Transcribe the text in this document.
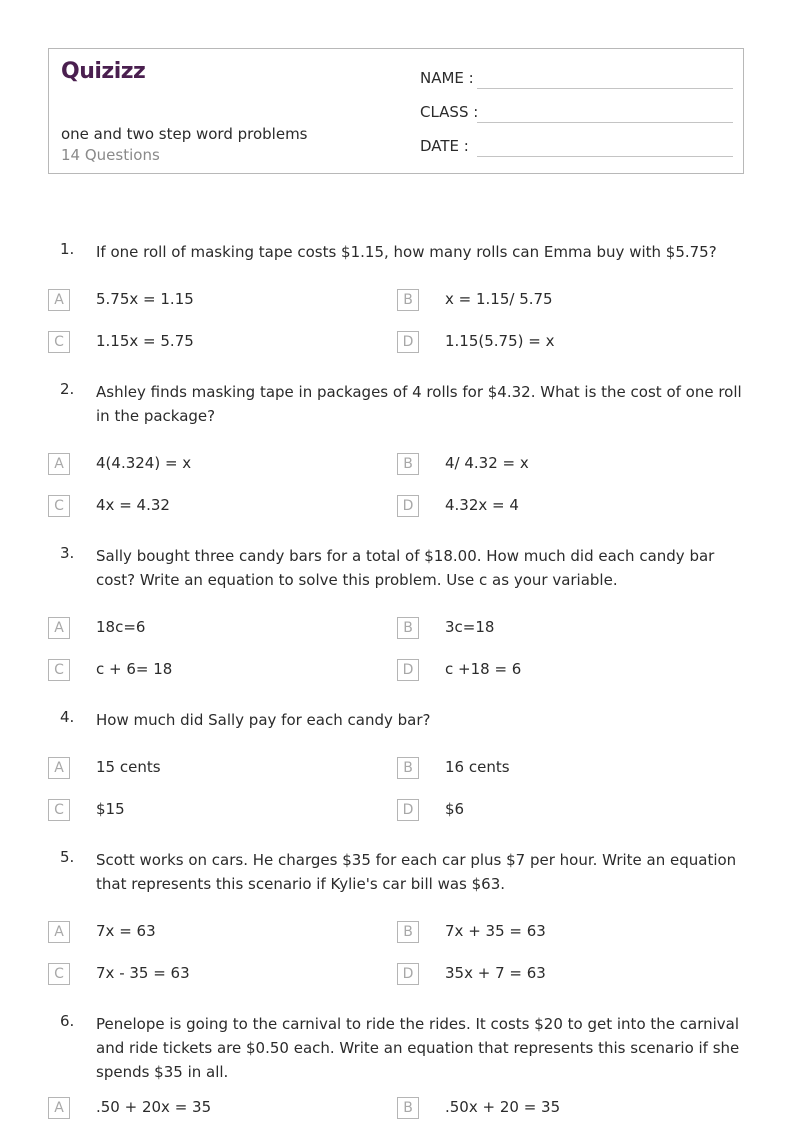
Quizizz
one and two step word problems
14 Questions
NAME :
CLASS :
DATE :
1. If one roll of masking tape costs $1.15, how many rolls can Emma buy with $5.75?
A	5.75x = 1.15	B	x = 1.15/ 5.75
C	1.15x = 5.75	D	1.15(5.75) = x
2. Ashley finds masking tape in packages of 4 rolls for $4.32. What is the cost of one roll in the package?
A	4(4.324) = x	B	4/ 4.32 = x
C	4x = 4.32	D	4.32x = 4
3. Sally bought three candy bars for a total of $18.00. How much did each candy bar cost? Write an equation to solve this problem. Use c as your variable.
A	18c=6	B	3c=18
C	c + 6= 18	D	c +18 = 6
4. How much did Sally pay for each candy bar?
A	15 cents	B	16 cents
C	$15	D	$6
5. Scott works on cars. He charges $35 for each car plus $7 per hour. Write an equation that represents this scenario if Kylie's car bill was $63.
A	7x = 63	B	7x + 35 = 63
C	7x - 35 = 63	D	35x + 7 = 63
6. Penelope is going to the carnival to ride the rides. It costs $20 to get into the carnival and ride tickets are $0.50 each. Write an equation that represents this scenario if she spends $35 in all.
A	.50 + 20x = 35	B	.50x + 20 = 35
